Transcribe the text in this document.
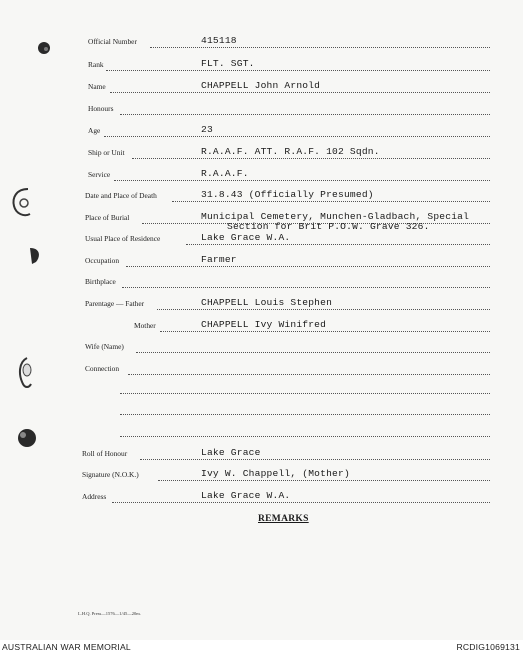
Official Number	415118
Rank	FLT. SGT.
Name	CHAPPELL John Arnold
Honours
Age	23
Ship or Unit	R.A.A.F. ATT. R.A.F. 102 Sqdn.
Service	R.A.A.F.
Date and Place of Death	31.8.43 (Officially Presumed)
Place of Burial	Municipal Cemetery, Munchen-Gladbach, Special
Section for Brit P.O.W. Grave 326.
Usual Place of Residence	Lake Grace W.A.
Occupation	Farmer
Birthplace
Parentage — Father	CHAPPELL Louis Stephen
Mother	CHAPPELL Ivy Winifred
Wife (Name)
Connection
Roll of Honour	Lake Grace
Signature (N.O.K.)	Ivy W. Chappell, (Mother)
Address	Lake Grace W.A.
REMARKS
L.H.Q. Press—1576—1/45—20m.
AUSTRALIAN WAR MEMORIAL	RCDIG1069131
